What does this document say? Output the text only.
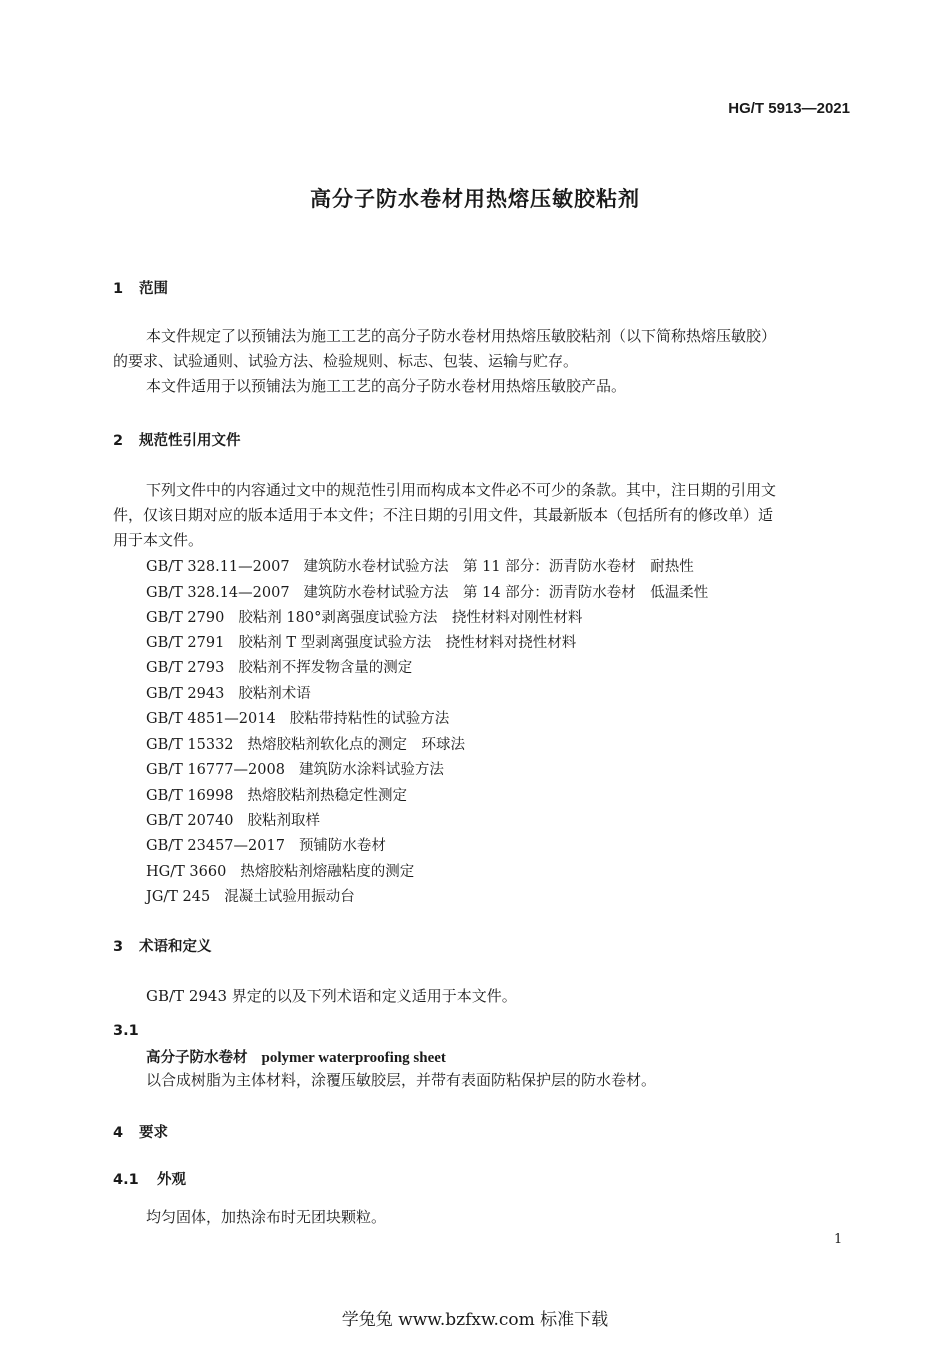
HG/T 5913—2021
高分子防水卷材用热熔压敏胶粘剂
1 范围
本文件规定了以预铺法为施工工艺的高分子防水卷材用热熔压敏胶粘剂（以下简称热熔压敏胶）
的要求、试验通则、试验方法、检验规则、标志、包装、运输与贮存。
本文件适用于以预铺法为施工工艺的高分子防水卷材用热熔压敏胶产品。
2 规范性引用文件
下列文件中的内容通过文中的规范性引用而构成本文件必不可少的条款。其中，注日期的引用文
件，仅该日期对应的版本适用于本文件；不注日期的引用文件，其最新版本（包括所有的修改单）适
用于本文件。
GB/T 328.11—2007 建筑防水卷材试验方法　第 11 部分：沥青防水卷材　耐热性
GB/T 328.14—2007 建筑防水卷材试验方法　第 14 部分：沥青防水卷材　低温柔性
GB/T 2790 胶粘剂 180°剥离强度试验方法　挠性材料对刚性材料
GB/T 2791 胶粘剂 T 型剥离强度试验方法　挠性材料对挠性材料
GB/T 2793 胶粘剂不挥发物含量的测定
GB/T 2943 胶粘剂术语
GB/T 4851—2014 胶粘带持粘性的试验方法
GB/T 15332 热熔胶粘剂软化点的测定　环球法
GB/T 16777—2008 建筑防水涂料试验方法
GB/T 16998 热熔胶粘剂热稳定性测定
GB/T 20740 胶粘剂取样
GB/T 23457—2017 预铺防水卷材
HG/T 3660 热熔胶粘剂熔融粘度的测定
JG/T 245 混凝土试验用振动台
3 术语和定义
GB/T 2943 界定的以及下列术语和定义适用于本文件。
3.1
高分子防水卷材 polymer waterproofing sheet
以合成树脂为主体材料，涂覆压敏胶层，并带有表面防粘保护层的防水卷材。
4 要求
4.1 外观
均匀固体，加热涂布时无团块颗粒。
1
学兔兔 www.bzfxw.com 标准下载
